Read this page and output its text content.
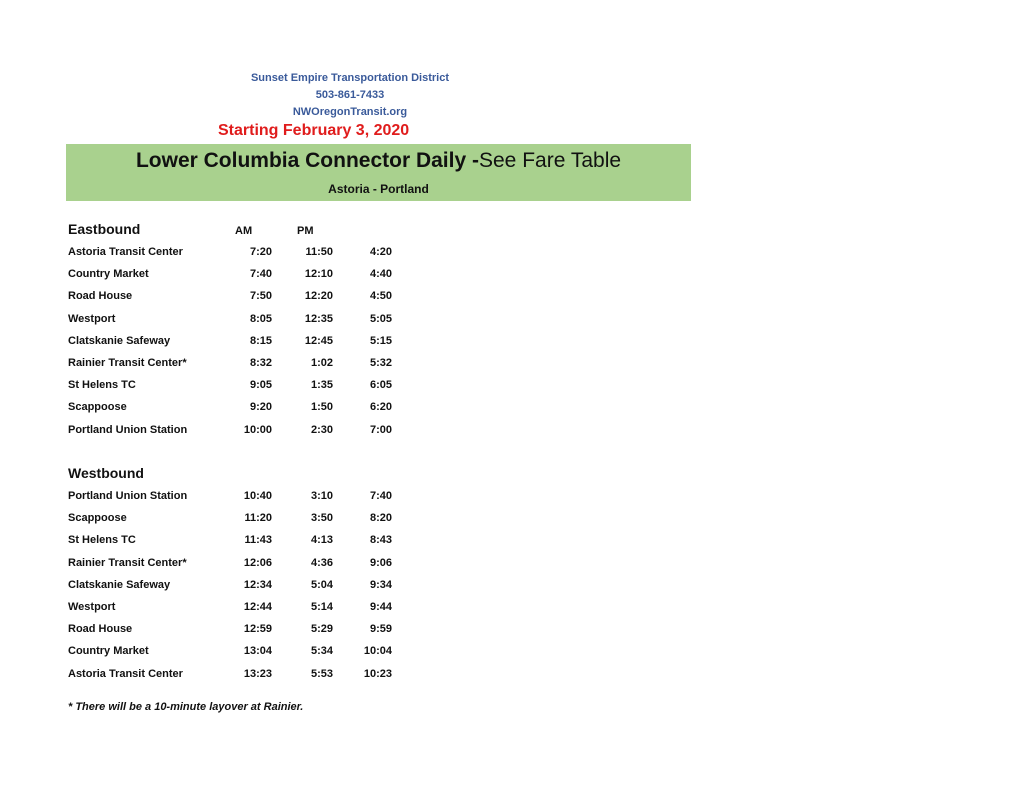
Sunset Empire Transportation District
503-861-7433
NWOregonTransit.org
Starting February 3, 2020
Lower Columbia Connector Daily -See Fare Table
Astoria - Portland
Eastbound	AM	PM
Astoria Transit Center	7:20	11:50	4:20
Country Market	7:40	12:10	4:40
Road House	7:50	12:20	4:50
Westport	8:05	12:35	5:05
Clatskanie Safeway	8:15	12:45	5:15
Rainier Transit Center*	8:32	1:02	5:32
St Helens TC	9:05	1:35	6:05
Scappoose	9:20	1:50	6:20
Portland Union Station	10:00	2:30	7:00
Westbound
Portland Union Station	10:40	3:10	7:40
Scappoose	11:20	3:50	8:20
St Helens TC	11:43	4:13	8:43
Rainier Transit Center*	12:06	4:36	9:06
Clatskanie Safeway	12:34	5:04	9:34
Westport	12:44	5:14	9:44
Road House	12:59	5:29	9:59
Country Market	13:04	5:34	10:04
Astoria Transit Center	13:23	5:53	10:23
* There will be a 10-minute layover at Rainier.
